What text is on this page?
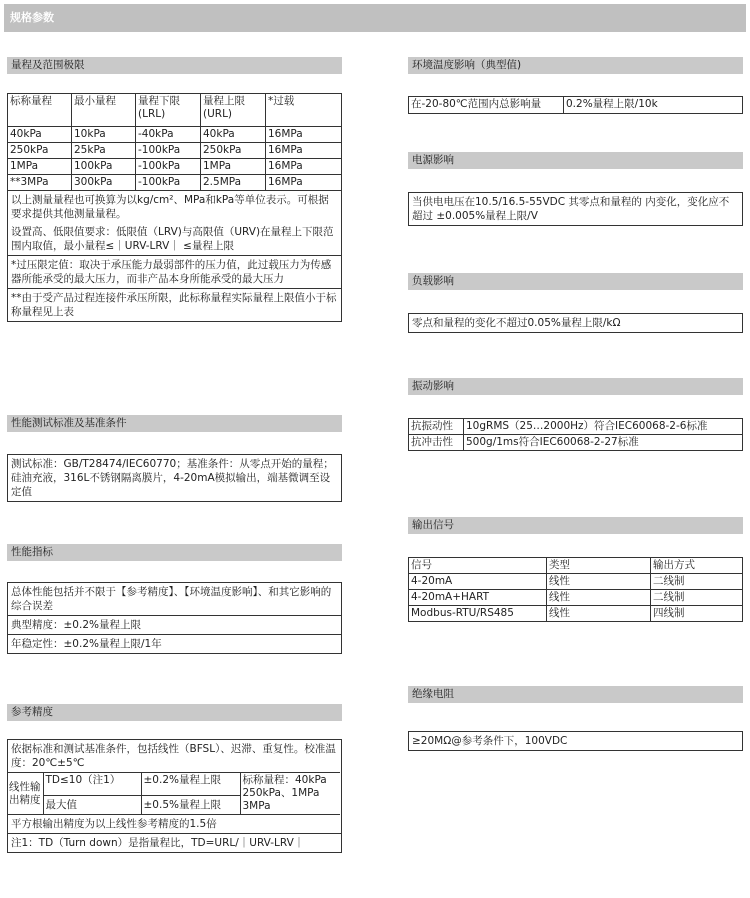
规格参数
量程及范围极限
标称量程	最小量程	量程下限 (LRL)	量程上限 (URL)	*过载
40kPa	10kPa	-40kPa	40kPa	16MPa
250kPa	25kPa	-100kPa	250kPa	16MPa
1MPa	100kPa	-100kPa	1MPa	16MPa
**3MPa	300kPa	-100kPa	2.5MPa	16MPa
以上测量量程也可换算为以kg/cm²、MPa和kPa等单位表示。可根据要求提供其他测量量程。
设置高、低限值要求：低限值（LRV)与高限值（URV)在量程上下限范围内取值，最小量程≤｜URV-LRV｜ ≤量程上限
*过压限定值：取决于承压能力最弱部件的压力值，此过载压力为传感器所能承受的最大压力，而非产品本身所能承受的最大压力
**由于受产品过程连接件承压所限，此标称量程实际量程上限值小于标称量程见上表
性能测试标准及基准条件
测试标准：GB/T28474/IEC60770；基准条件：从零点开始的量程；硅油充液，316L不锈钢隔离膜片，4-20mA模拟输出，端基微调至设定值
性能指标
总体性能包括并不限于【参考精度】、【环境温度影响】、和其它影响的综合误差
典型精度：±0.2%量程上限
年稳定性：±0.2%量程上限/1年
参考精度
依据标准和测试基准条件，包括线性（BFSL）、迟滞、重复性。校准温度：20℃±5℃
线性输出精度	TD≤10（注1）	±0.2%量程上限	标称量程：40kPa 250kPa、1MPa 3MPa
	最大值	±0.5%量程上限	
平方根输出精度为以上线性参考精度的1.5倍
注1：TD（Turn down）是指量程比，TD=URL/｜URV-LRV｜
环境温度影响（典型值)
在-20-80℃范围内总影响量	0.2%量程上限/10k
电源影响
当供电电压在10.5/16.5-55VDC 其零点和量程的 内变化，变化应不超过 ±0.005%量程上限/V
负载影响
零点和量程的变化不超过0.05%量程上限/kΩ
振动影响
抗振动性	10gRMS（25…2000Hz）符合IEC60068-2-6标准
抗冲击性	500g/1ms符合IEC60068-2-27标准
输出信号
信号	类型	输出方式
4-20mA	线性	二线制
4-20mA+HART	线性	二线制
Modbus-RTU/RS485	线性	四线制
绝缘电阻
≥20MΩ@参考条件下，100VDC
